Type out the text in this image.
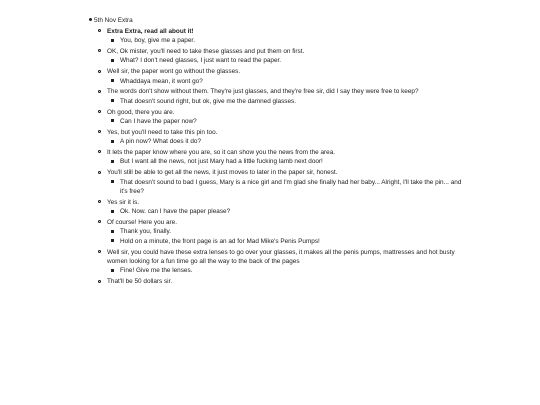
5th Nov Extra
Extra Extra, read all about it!
You, boy, give me a paper.
OK, Ok mister, you'll need to take these glasses and put them on first.
What? I don't need glasses, I just want to read the paper.
Well sir, the paper wont go without the glasses.
Whaddaya mean, it wont go?
The words don't show without them. They're just glasses, and they're free sir, did I say they were free to keep?
That doesn't sound right, but ok, give me the damned glasses.
Oh good, there you are.
Can I have the paper now?
Yes, but you'll need to take this pin too.
A pin now? What does it do?
It lets the paper know where you are, so it can show you the news from the area.
But I want all the news, not just Mary had a little fucking lamb next door!
You'll still be able to get all the news, it just moves to later in the paper sir, honest.
That doesn't sound to bad I guess, Mary is a nice girl and I'm glad she finally had her baby... Alright, I'll take the pin... and it's free?
Yes sir it is.
Ok. Now. can I have the paper please?
Of course! Here you are.
Thank you, finally.
Hold on a minute, the front page is an ad for Mad Mike's Penis Pumps!
Well sir, you could have these extra lenses to go over your glasses, it makes all the penis pumps, mattresses and hot busty women looking for a fun time go all the way to the back of the pages
Fine! Give me the lenses.
That'll be 50 dollars sir.
